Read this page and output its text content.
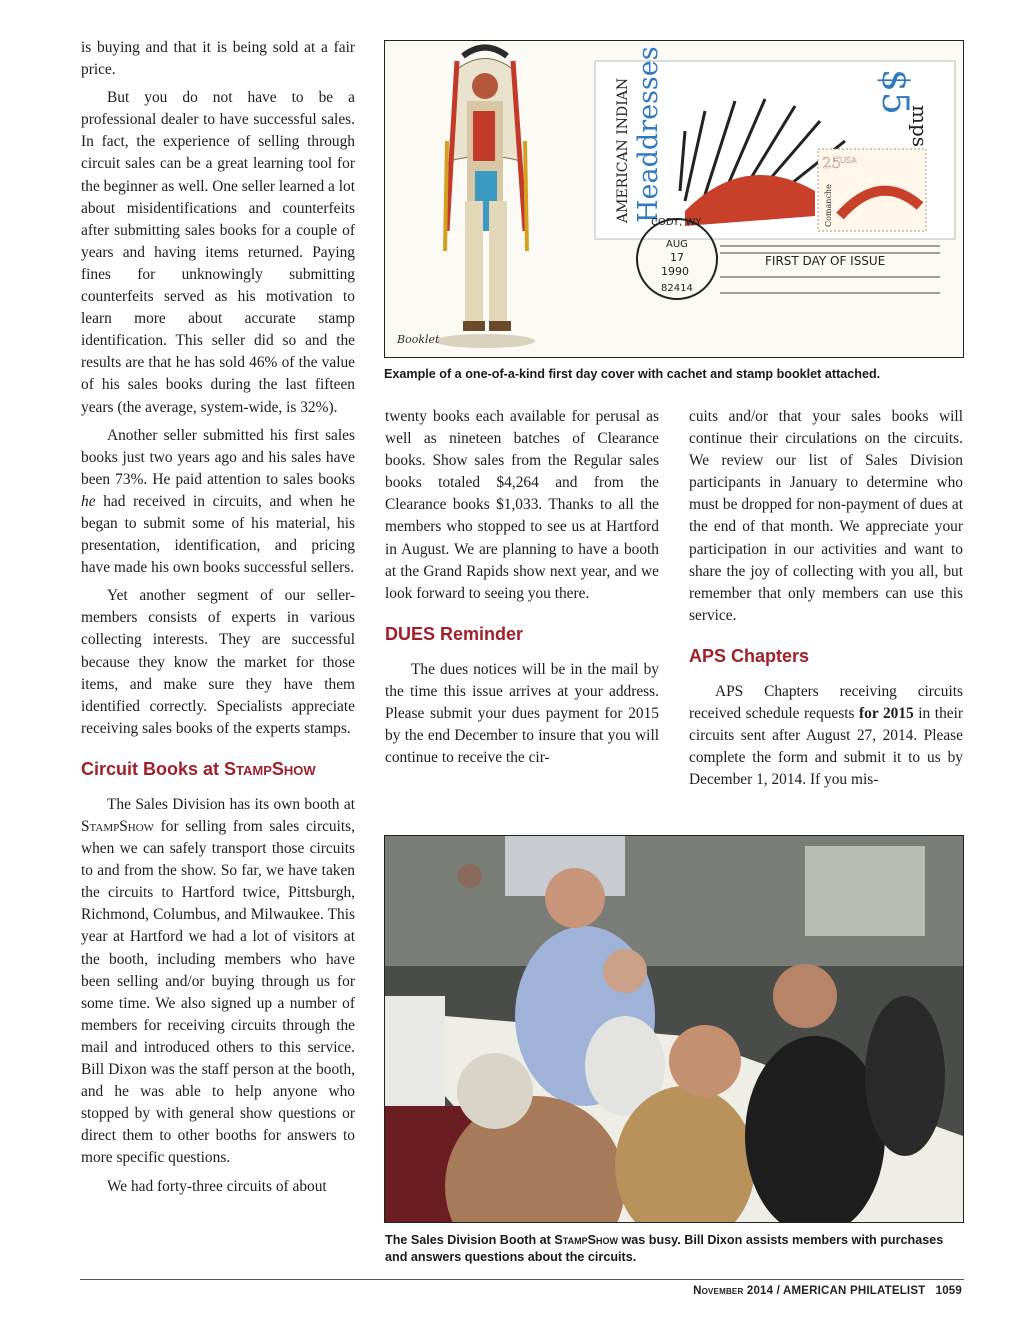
is buying and that it is being sold at a fair price.

But you do not have to be a professional dealer to have successful sales. In fact, the experience of selling through circuit sales can be a great learning tool for the beginner as well. One seller learned a lot about misidentifications and counterfeits after submitting sales books for a couple of years and having items returned. Paying fines for unknowingly submitting counterfeits served as his motivation to learn more about accurate stamp identification. This seller did so and the results are that he has sold 46% of the value of his sales books during the last fifteen years (the average, system-wide, is 32%).

Another seller submitted his first sales books just two years ago and his sales have been 73%. He paid attention to sales books he had received in circuits, and when he began to submit some of his material, his presentation, identification, and pricing have made his own books successful sellers.

Yet another segment of our seller-members consists of experts in various collecting interests. They are successful because they know the market for those items, and make sure they have them identified correctly. Specialists appreciate receiving sales books of the experts stamps.

Circuit Books at StampShow

The Sales Division has its own booth at StampShow for selling from sales circuits, when we can safely transport those circuits to and from the show. So far, we have taken the circuits to Hartford twice, Pittsburgh, Richmond, Columbus, and Milwaukee. This year at Hartford we had a lot of visitors at the booth, including members who have been selling and/or buying through us for some time. We also signed up a number of members for receiving circuits through the mail and introduced others to this service. Bill Dixon was the staff person at the booth, and he was able to help anyone who stopped by with general show questions or direct them to other booths for answers to more specific questions.

We had forty-three circuits of about

Booklet
AMERICAN INDIAN Headdresses	$5
mps
25
USA
Comanche
CODY, WY
AUG
17
1990
82414
FIRST DAY OF ISSUE
Example of a one-of-a-kind first day cover with cachet and stamp booklet attached.

twenty books each available for perusal as well as nineteen batches of Clearance books. Show sales from the Regular sales books totaled $4,264 and from the Clearance books $1,033. Thanks to all the members who stopped to see us at Hartford in August. We are planning to have a booth at the Grand Rapids show next year, and we look forward to seeing you there.

DUES Reminder

The dues notices will be in the mail by the time this issue arrives at your address. Please submit your dues payment for 2015 by the end December to insure that you will continue to receive the cir-

cuits and/or that your sales books will continue their circulations on the circuits. We review our list of Sales Division participants in January to determine who must be dropped for non-payment of dues at the end of that month. We appreciate your participation in our activities and want to share the joy of collecting with you all, but remember that only members can use this service.

APS Chapters

APS Chapters receiving circuits received schedule requests for 2015 in their circuits sent after August 27, 2014. Please complete the form and submit it to us by December 1, 2014. If you mis-

The Sales Division Booth at StampShow was busy. Bill Dixon assists members with purchases and answers questions about the circuits.
November 2014 / AMERICAN PHILATELIST 1059
